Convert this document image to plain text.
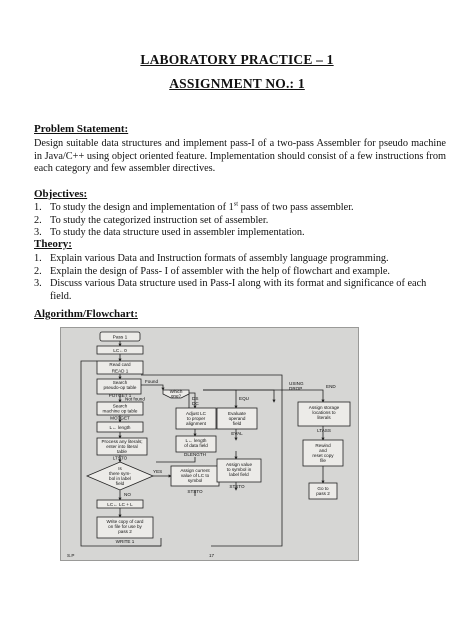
LABORATORY PRACTICE – 1
ASSIGNMENT NO.: 1
Problem Statement:
Design suitable data structures and implement pass-I of a two-pass Assembler for pseudo machine in Java/C++ using object oriented feature. Implementation should consist of a few instructions from each category and few assembler directives.
Objectives:
1. To study the design and implementation of 1st pass of two pass assembler.
2. To study the categorized instruction set of assembler.
3. To study the data structure used in assembler implementation.
Theory:
1. Explain various Data and Instruction formats of assembly language programming.
2. Explain the design of Pass- I of assembler with the help of flowchart and example.
3. Discuss various Data structure used in Pass-I along with its format and significance of each field.
Algorithm/Flowchart:
Pass 1
LC←0
Read card
READ 1
Search
pseudo-op table
POTGET 1
Not found
Search
machine op table
MOTGET
L← length
Process any literals;
enter into literal
table
LTSTO
Is
there sym-
bol in label
field
YES
NO
LC← LC + L
Write copy of card
on file for use by
pass 2
WRITE 1
Found
Which
one? DS
DC
EQU
USING
DROP	END
Adjust LC
to proper
alignment
L← length
of data field
DLENGTH
Assign current
value of LC to
symbol
STSTO
Evaluate
operand
field
EVAL
Assign value
to symbol in
label field
STSTO
Assign storage
locations to
literals
LTASS
Rewind
and
reset copy
file
Go to
pass 2
S.P	17
